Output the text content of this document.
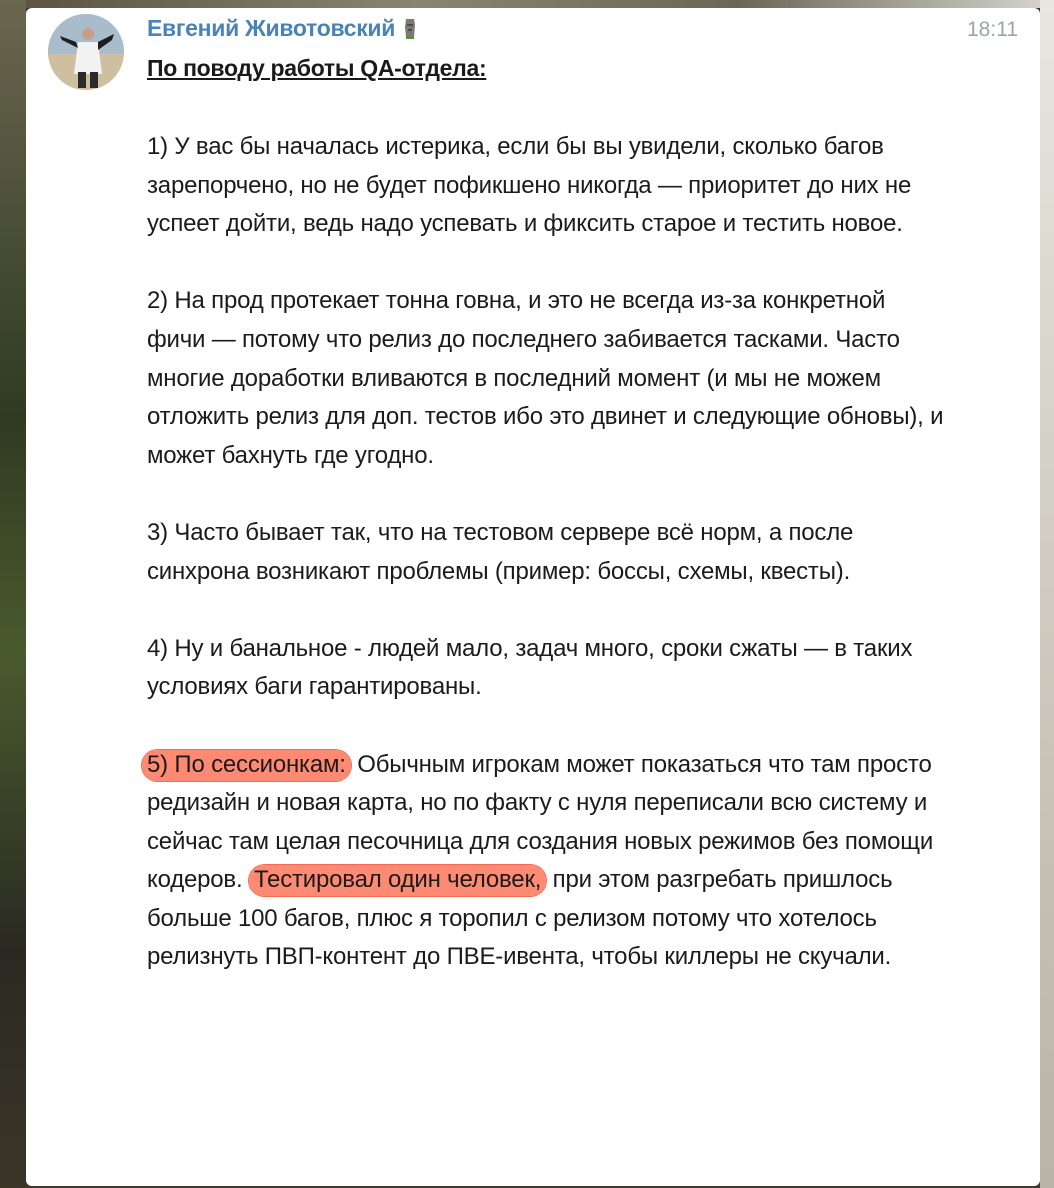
Евгений Животовский	18:11
По поводу работы QA-отдела:

1) У вас бы началась истерика, если бы вы увидели, сколько багов зарепорчено, но не будет пофикшено никогда — приоритет до них не успеет дойти, ведь надо успевать и фиксить старое и тестить новое.

2) На прод протекает тонна говна, и это не всегда из-за конкретной фичи — потому что релиз до последнего забивается тасками. Часто многие доработки вливаются в последний момент (и мы не можем отложить релиз для доп. тестов ибо это двинет и следующие обновы), и может бахнуть где угодно.

3) Часто бывает так, что на тестовом сервере всё норм, а после синхрона возникают проблемы (пример: боссы, схемы, квесты).

4) Ну и банальное - людей мало, задач много, сроки сжаты — в таких условиях баги гарантированы.

5) По сессионкам: Обычным игрокам может показаться что там просто редизайн и новая карта, но по факту с нуля переписали всю систему и сейчас там целая песочница для создания новых режимов без помощи кодеров. Тестировал один человек, при этом разгребать пришлось больше 100 багов, плюс я торопил с релизом потому что хотелось релизнуть ПВП-контент до ПВЕ-ивента, чтобы киллеры не скучали.
